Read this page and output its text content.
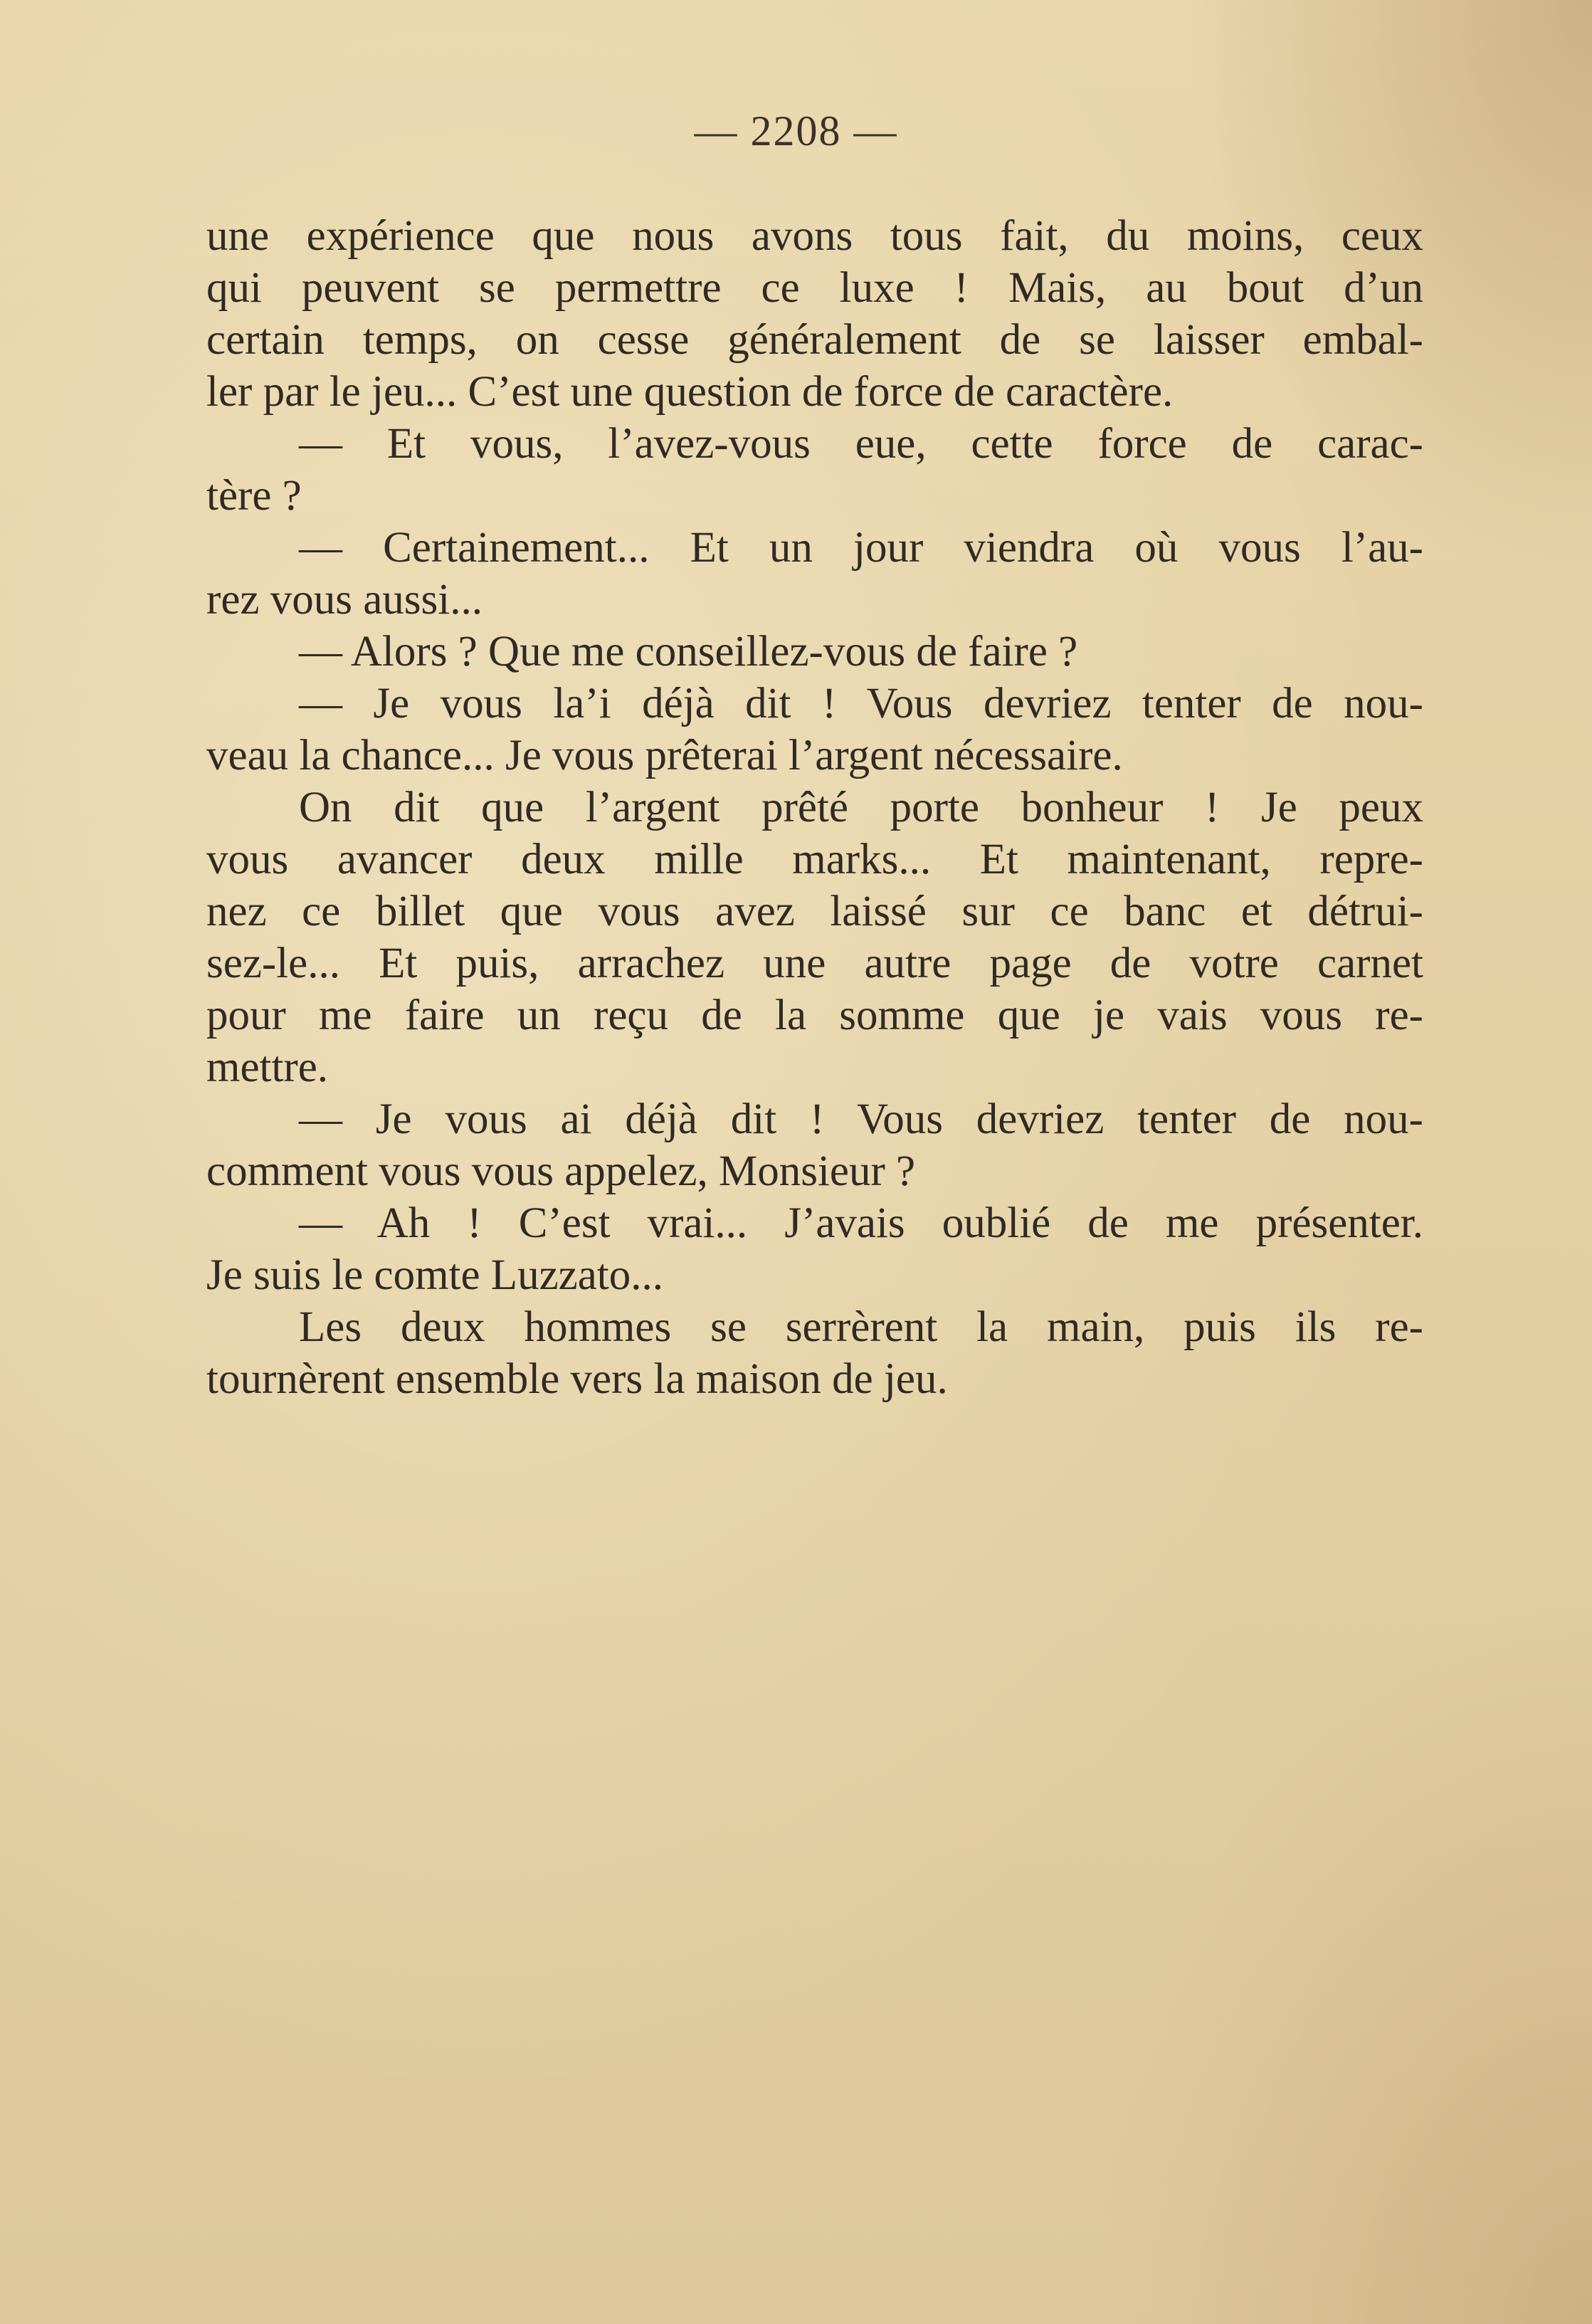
— 2208 —
une expérience que nous avons tous fait, du moins, ceux
qui peuvent se permettre ce luxe ! Mais, au bout d’un
certain temps, on cesse généralement de se laisser embal-
ler par le jeu... C’est une question de force de caractère.
— Et vous, l’avez-vous eue, cette force de carac-
tère ?
— Certainement... Et un jour viendra où vous l’au-
rez vous aussi...
— Alors ? Que me conseillez-vous de faire ?
— Je vous la’i déjà dit ! Vous devriez tenter de nou-
veau la chance... Je vous prêterai l’argent nécessaire.
On dit que l’argent prêté porte bonheur ! Je peux
vous avancer deux mille marks... Et maintenant, repre-
nez ce billet que vous avez laissé sur ce banc et détrui-
sez-le... Et puis, arrachez une autre page de votre carnet
pour me faire un reçu de la somme que je vais vous re-
mettre.
— Je vous ai déjà dit ! Vous devriez tenter de nou-
comment vous vous appelez, Monsieur ?
— Ah ! C’est vrai... J’avais oublié de me présenter.
Je suis le comte Luzzato...
Les deux hommes se serrèrent la main, puis ils re-
tournèrent ensemble vers la maison de jeu.
